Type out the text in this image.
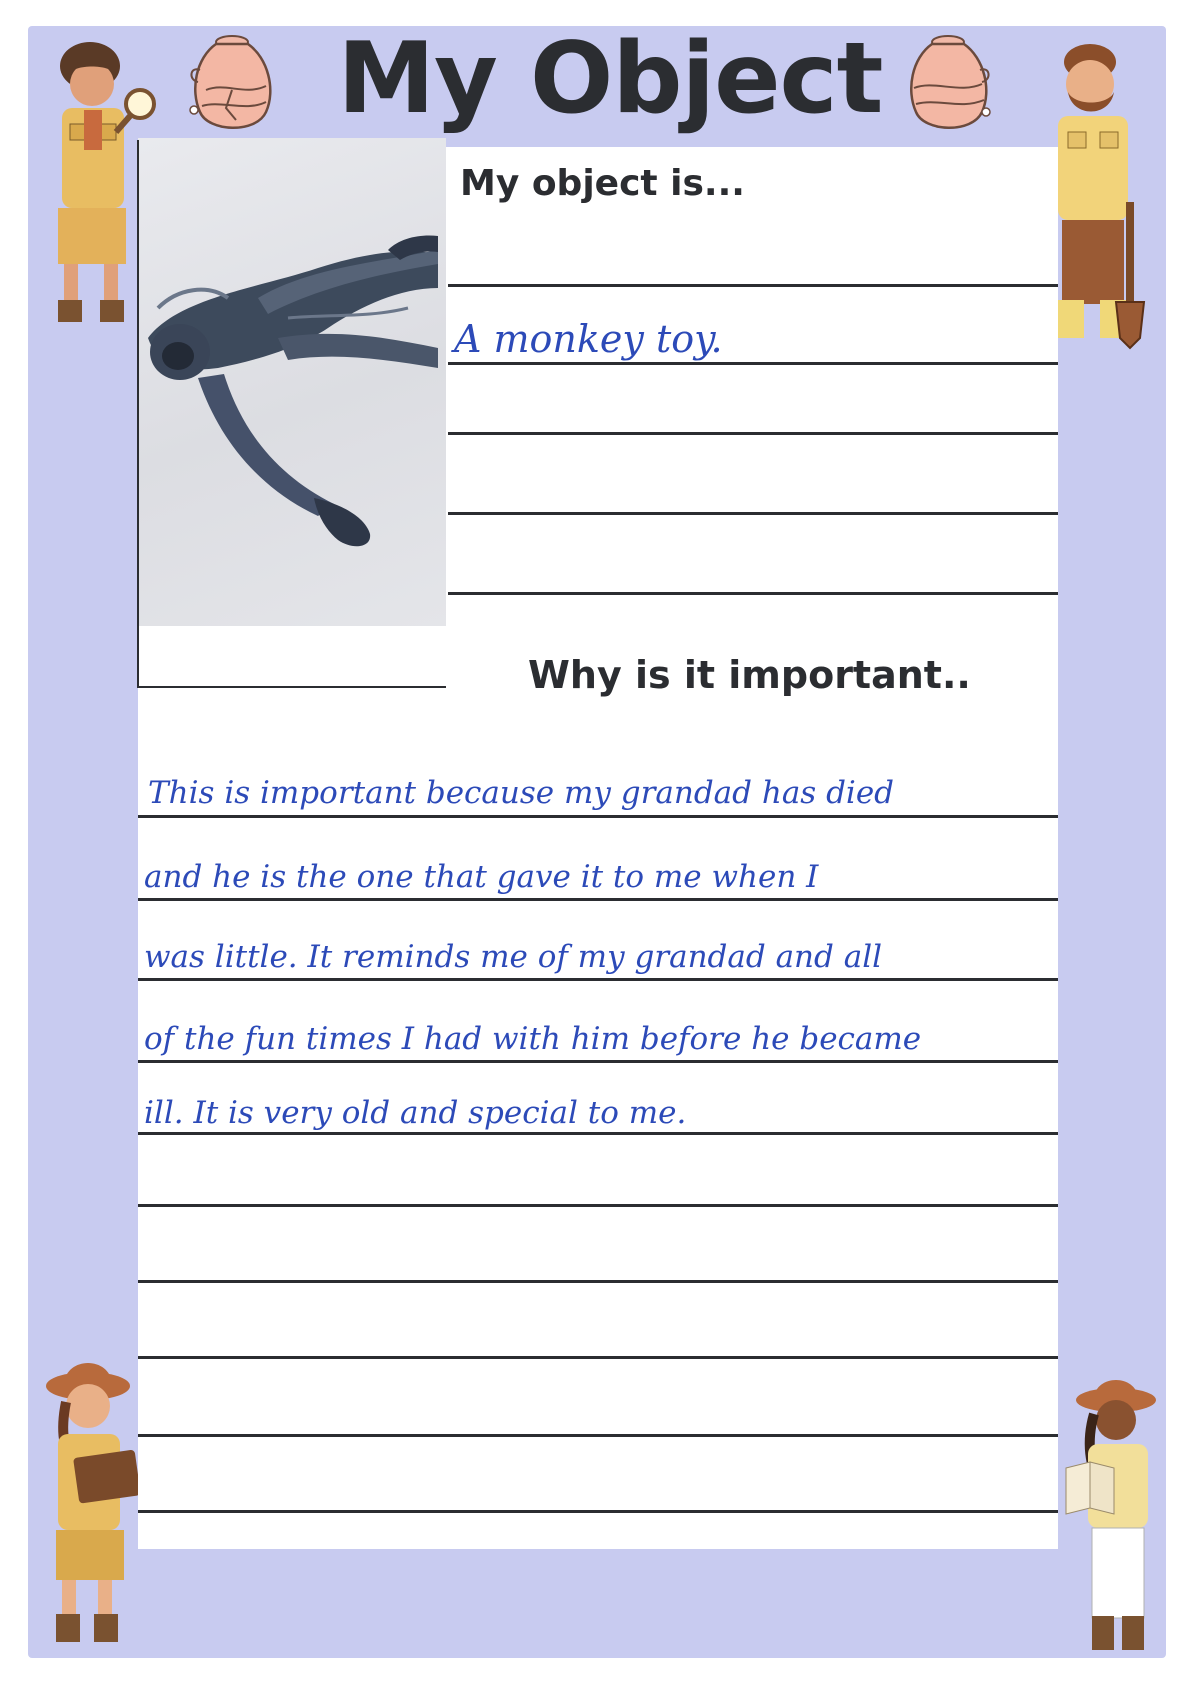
My Object
My object is...
A monkey toy.
Why is it important..
This is important because my grandad has died
and he is the one that gave it to me when I
was little. It reminds me of my grandad and all
of the fun times I had with him before he became
ill. It is very old and special to me.
